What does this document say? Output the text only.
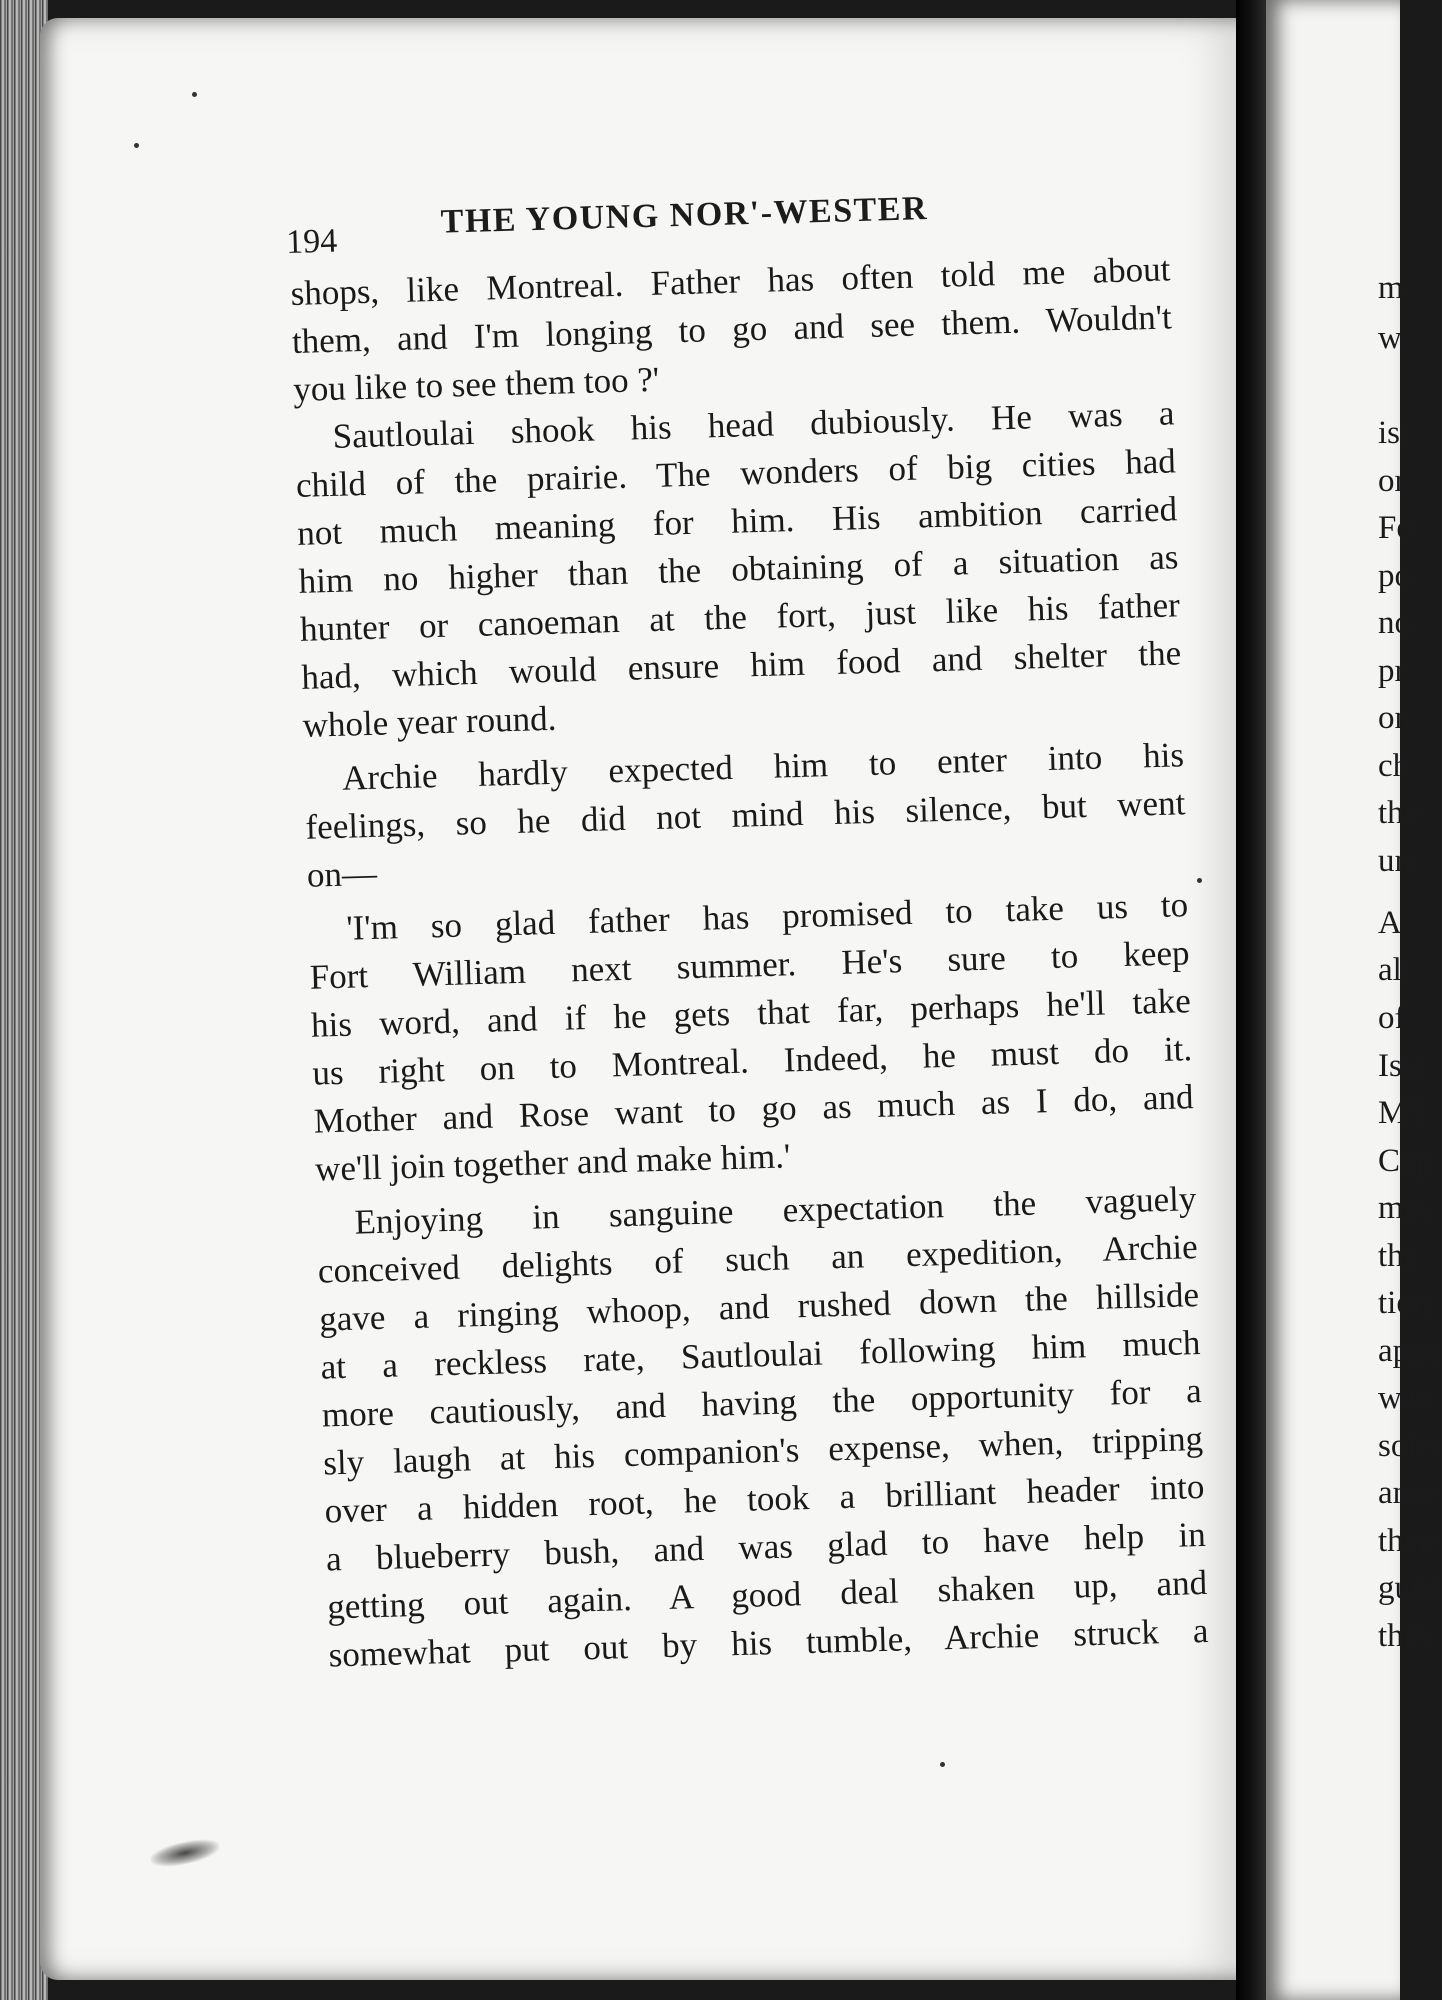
m
w
isl
or
Fo
po
no
pr
on
ch
the
unt
A
all
of
Isla
M'I
Cop
mes
the
tion
appe
was
soler
ance
their
guns
they
194
THE YOUNG NOR'-WESTER
shops, like Montreal. Father has often told me about
them, and I'm longing to go and see them. Wouldn't
you like to see them too ?'
Sautloulai shook his head dubiously. He was a
child of the prairie. The wonders of big cities had
not much meaning for him. His ambition carried
him no higher than the obtaining of a situation as
hunter or canoeman at the fort, just like his father
had, which would ensure him food and shelter the
whole year round.
Archie hardly expected him to enter into his
feelings, so he did not mind his silence, but went
on—
'I'm so glad father has promised to take us to
Fort William next summer. He's sure to keep
his word, and if he gets that far, perhaps he'll take
us right on to Montreal. Indeed, he must do it.
Mother and Rose want to go as much as I do, and
we'll join together and make him.'
Enjoying in sanguine expectation the vaguely
conceived delights of such an expedition, Archie
gave a ringing whoop, and rushed down the hillside
at a reckless rate, Sautloulai following him much
more cautiously, and having the opportunity for a
sly laugh at his companion's expense, when, tripping
over a hidden root, he took a brilliant header into
a blueberry bush, and was glad to have help in
getting out again. A good deal shaken up, and
somewhat put out by his tumble, Archie struck a
